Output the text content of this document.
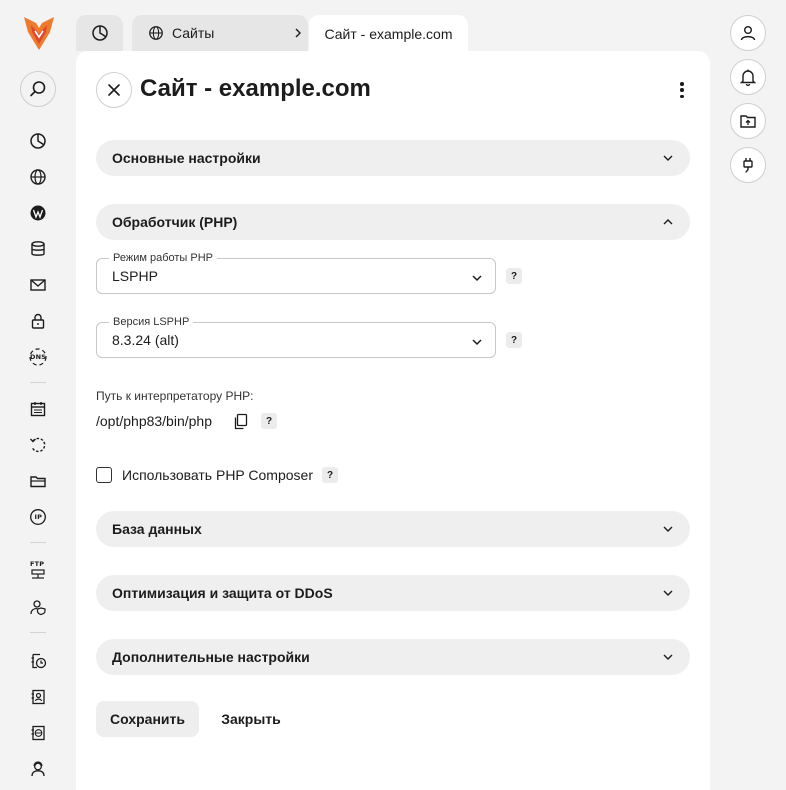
DNS
IP
FTP
Сайты	Сайт - example.com
Сайт - example.com
Основные настройки
Обработчик (PHP)
Режим работы PHP
LSPHP	?
Версия LSPHP
8.3.24 (alt)	?
Путь к интерпретатору PHP:
/opt/php83/bin/php	?
Использовать PHP Composer	?
База данных
Оптимизация и защита от DDoS
Дополнительные настройки
Сохранить	Закрыть
